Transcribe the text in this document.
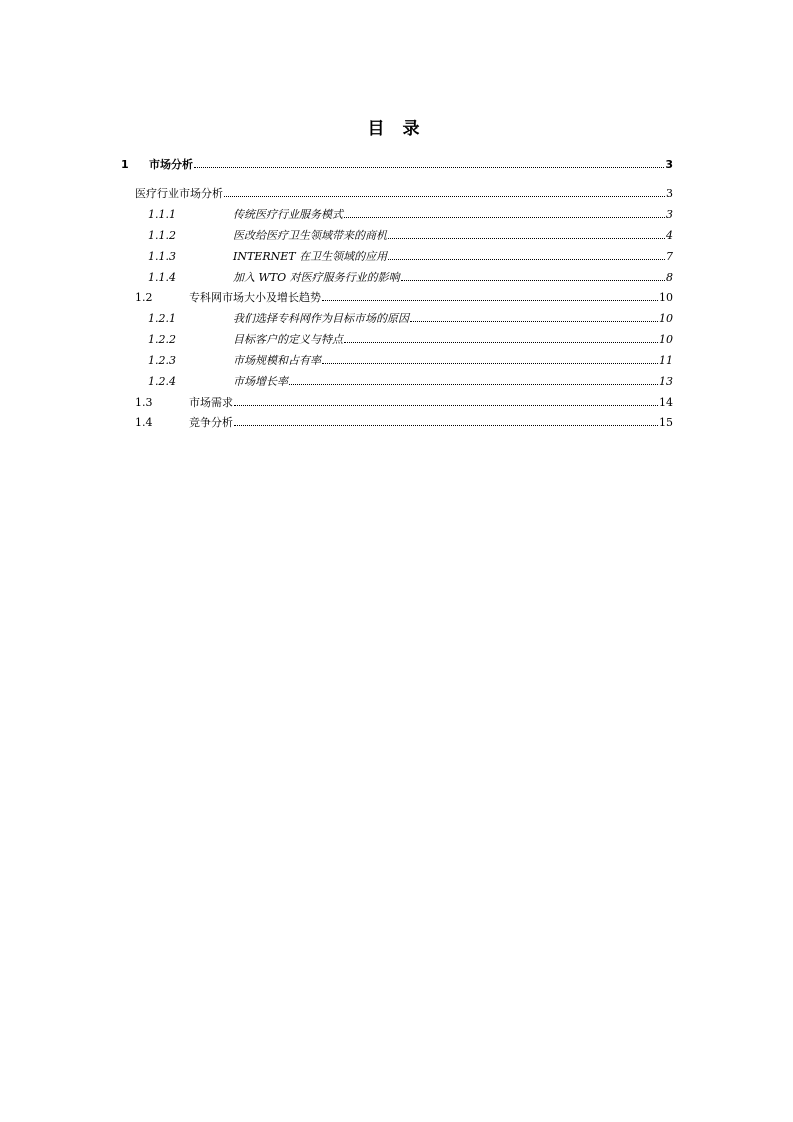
目 录
1	市场分析	3
医疗行业市场分析	3
1.1.1	传统医疗行业服务模式	3
1.1.2	医改给医疗卫生领域带来的商机	4
1.1.3	INTERNET 在卫生领域的应用	7
1.1.4	加入 WTO 对医疗服务行业的影响	8
1.2	专科网市场大小及增长趋势	10
1.2.1	我们选择专科网作为目标市场的原因	10
1.2.2	目标客户的定义与特点	10
1.2.3	市场规模和占有率	11
1.2.4	市场增长率	13
1.3	市场需求	14
1.4	竞争分析	15
